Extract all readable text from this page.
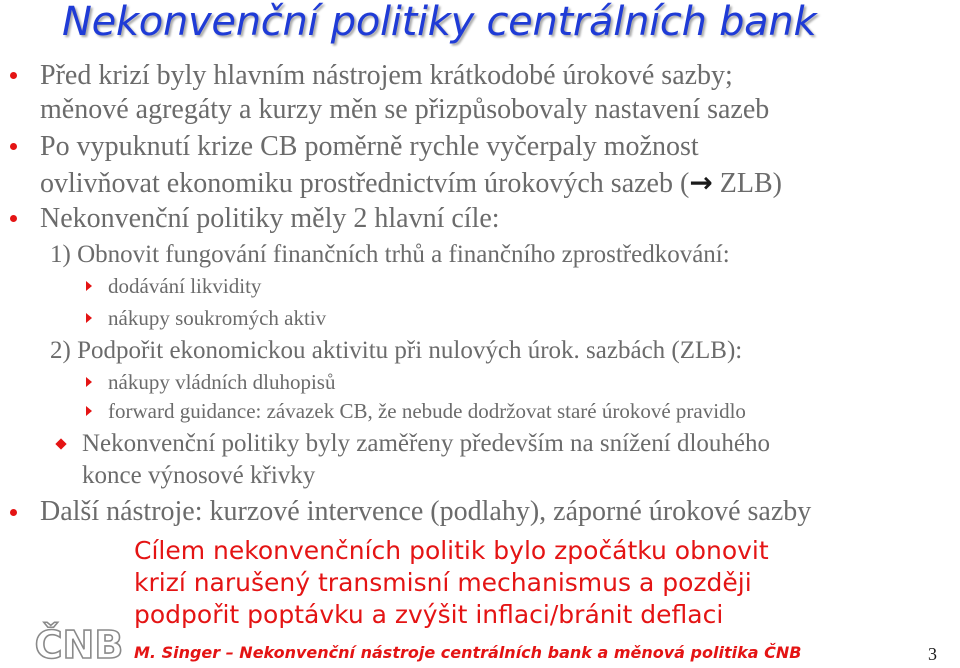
Nekonvenční politiky centrálních bank
Před krizí byly hlavním nástrojem krátkodobé úrokové sazby;
měnové agregáty a kurzy měn se přizpůsobovaly nastavení sazeb
Po vypuknutí krize CB poměrně rychle vyčerpaly možnost
ovlivňovat ekonomiku prostřednictvím úrokových sazeb (→ ZLB)
Nekonvenční politiky měly 2 hlavní cíle:
1) Obnovit fungování finančních trhů a finančního zprostředkování:
dodávání likvidity
nákupy soukromých aktiv
2) Podpořit ekonomickou aktivitu při nulových úrok. sazbách (ZLB):
nákupy vládních dluhopisů
forward guidance: závazek CB, že nebude dodržovat staré úrokové pravidlo
Nekonvenční politiky byly zaměřeny především na snížení dlouhého
konce výnosové křivky
Další nástroje: kurzové intervence (podlahy), záporné úrokové sazby
Cílem nekonvenčních politik bylo zpočátku obnovit
krizí narušený transmisní mechanismus a později
podpořit poptávku a zvýšit inflaci/bránit deflaci
ČNB M. Singer – Nekonvenční nástroje centrálních bank a měnová politika ČNB	3
